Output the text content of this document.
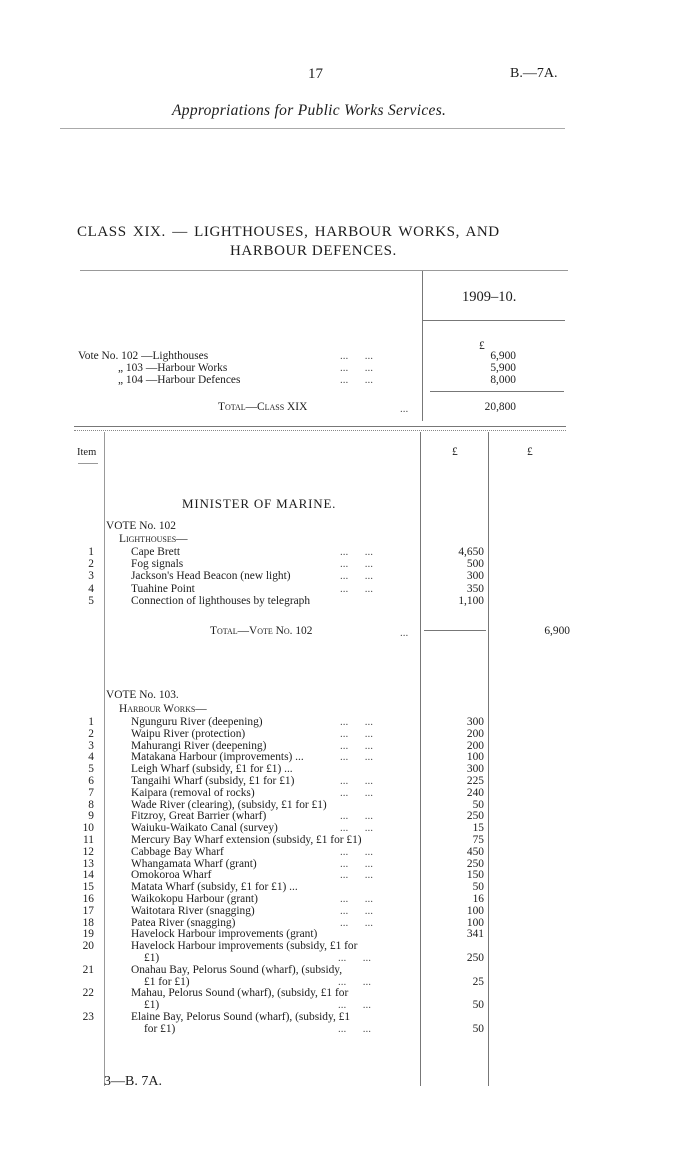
17	B.—7A.
Appropriations for Public Works Services.
CLASS XIX. — LIGHTHOUSES, HARBOUR WORKS, AND
HARBOUR DEFENCES.
1909–10.
£
Vote No. 102 —Lighthouses	...      ...	6,900
„ 103 —Harbour Works	...      ...	5,900
„ 104 —Harbour Defences	...      ...	8,000
Total—Class XIX	...	20,800
Item	£	£
MINISTER OF MARINE.
VOTE No. 102
Lighthouses—
1	Cape Brett	...      ...	4,650
2	Fog signals	...      ...	500
3	Jackson's Head Beacon (new light)	...      ...	300
4	Tuahine Point	...      ...	350
5	Connection of lighthouses by telegraph	1,100
Total—Vote No. 102	...	6,900
VOTE No. 103.
Harbour Works—
1	Ngunguru River (deepening)	...      ...	300
2	Waipu River (protection)	...      ...	200
3	Mahurangi River (deepening)	...      ...	200
4	Matakana Harbour (improvements) ...	...      ...	100
5	Leigh Wharf (subsidy, £1 for £1) ...	300
6	Tangaihi Wharf (subsidy, £1 for £1)	...      ...	225
7	Kaipara (removal of rocks)	...      ...	240
8	Wade River (clearing), (subsidy, £1 for £1)	50
9	Fitzroy, Great Barrier (wharf)	...      ...	250
10	Waiuku-Waikato Canal (survey)	...      ...	15
11	Mercury Bay Wharf extension (subsidy, £1 for £1)	75
12	Cabbage Bay Wharf	...      ...	450
13	Whangamata Wharf (grant)	...      ...	250
14	Omokoroa Wharf	...      ...	150
15	Matata Wharf (subsidy, £1 for £1) ...	50
16	Waikokopu Harbour (grant)	...      ...	16
17	Waitotara River (snagging)	...      ...	100
18	Patea River (snagging)	...      ...	100
19	Havelock Harbour improvements (grant)	341
20	Havelock Harbour improvements (subsidy, £1 for
£1)	...      ...	250
21	Onahau Bay, Pelorus Sound (wharf), (subsidy,
£1 for £1)	...      ...	25
22	Mahau, Pelorus Sound (wharf), (subsidy, £1 for
£1)	...      ...	50
23	Elaine Bay, Pelorus Sound (wharf), (subsidy, £1
for £1)	...      ...	50
3—B. 7A.
